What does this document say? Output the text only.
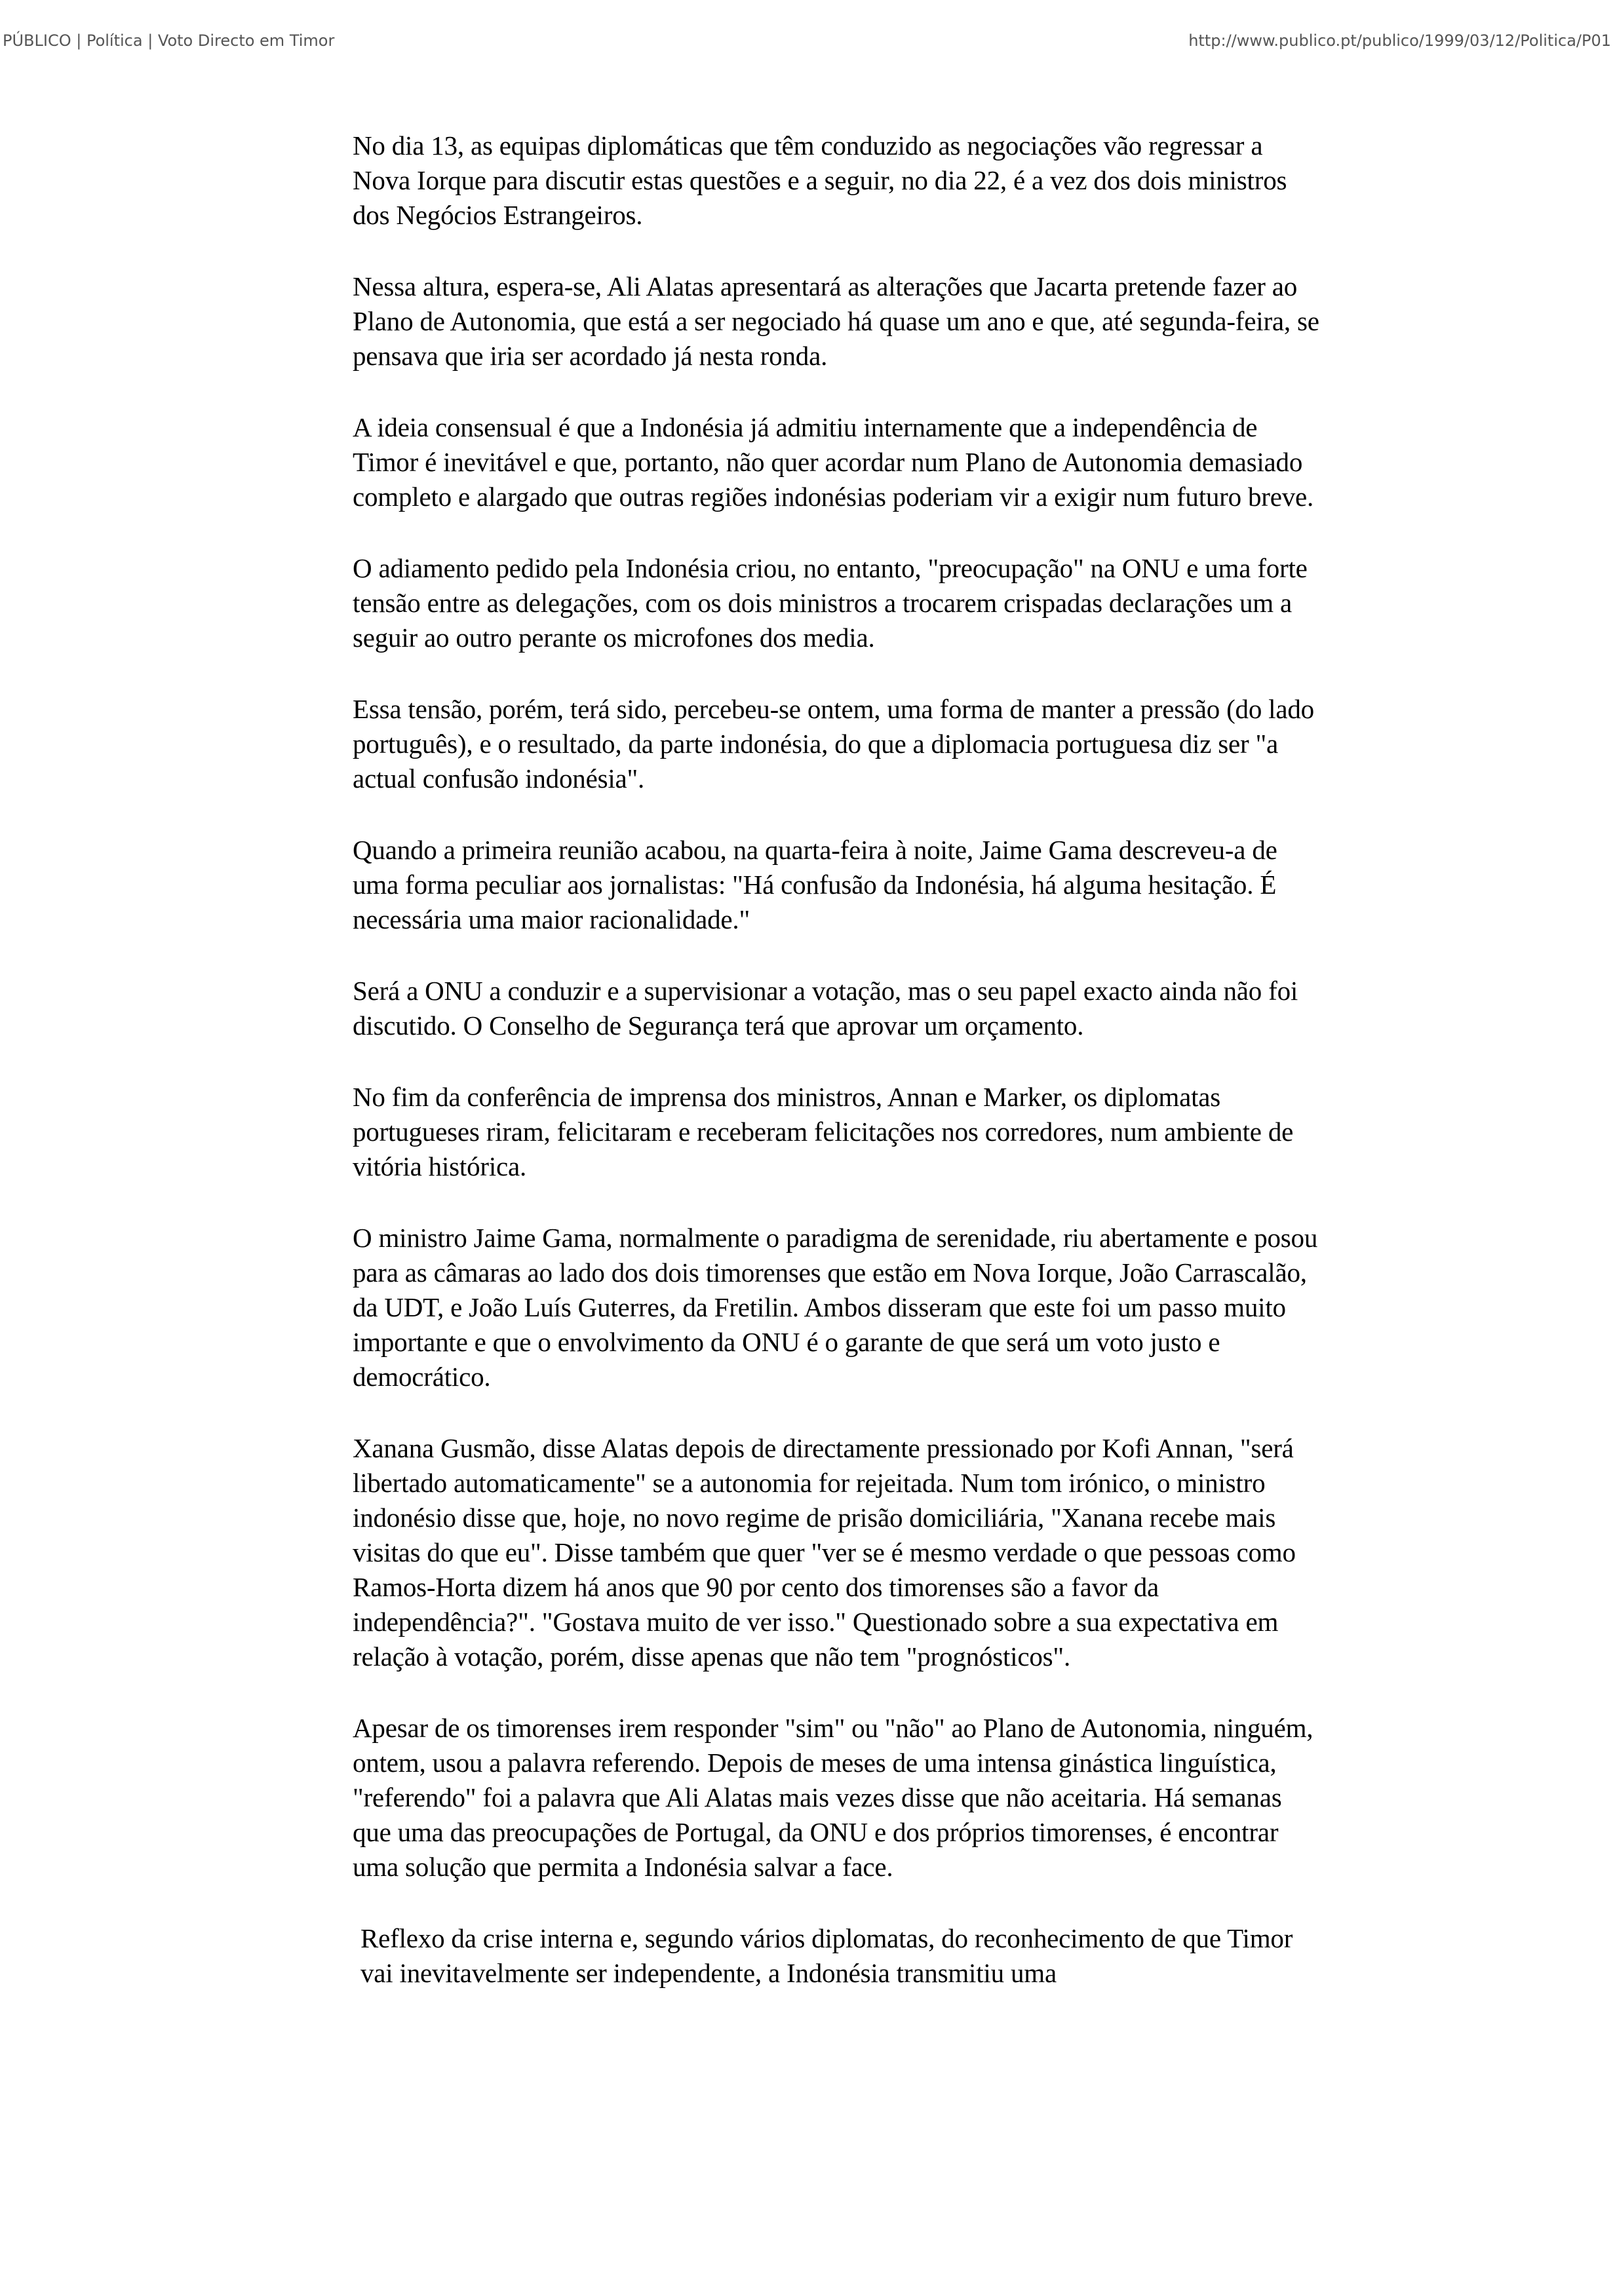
PÚBLICO | Política | Voto Directo em Timor	http://www.publico.pt/publico/1999/03/12/Politica/P01

No dia 13, as equipas diplomáticas que têm conduzido as negociações vão regressar a Nova Iorque para discutir estas questões e a seguir, no dia 22, é a vez dos dois ministros dos Negócios Estrangeiros.

Nessa altura, espera-se, Ali Alatas apresentará as alterações que Jacarta pretende fazer ao Plano de Autonomia, que está a ser negociado há quase um ano e que, até segunda-feira, se pensava que iria ser acordado já nesta ronda.

A ideia consensual é que a Indonésia já admitiu internamente que a independência de Timor é inevitável e que, portanto, não quer acordar num Plano de Autonomia demasiado completo e alargado que outras regiões indonésias poderiam vir a exigir num futuro breve.

O adiamento pedido pela Indonésia criou, no entanto, "preocupação" na ONU e uma forte tensão entre as delegações, com os dois ministros a trocarem crispadas declarações um a seguir ao outro perante os microfones dos media.

Essa tensão, porém, terá sido, percebeu-se ontem, uma forma de manter a pressão (do lado português), e o resultado, da parte indonésia, do que a diplomacia portuguesa diz ser "a actual confusão indonésia".

Quando a primeira reunião acabou, na quarta-feira à noite, Jaime Gama descreveu-a de uma forma peculiar aos jornalistas: "Há confusão da Indonésia, há alguma hesitação. É necessária uma maior racionalidade."

Será a ONU a conduzir e a supervisionar a votação, mas o seu papel exacto ainda não foi discutido. O Conselho de Segurança terá que aprovar um orçamento.

No fim da conferência de imprensa dos ministros, Annan e Marker, os diplomatas portugueses riram, felicitaram e receberam felicitações nos corredores, num ambiente de vitória histórica.

O ministro Jaime Gama, normalmente o paradigma de serenidade, riu abertamente e posou para as câmaras ao lado dos dois timorenses que estão em Nova Iorque, João Carrascalão, da UDT, e João Luís Guterres, da Fretilin. Ambos disseram que este foi um passo muito importante e que o envolvimento da ONU é o garante de que será um voto justo e democrático.

Xanana Gusmão, disse Alatas depois de directamente pressionado por Kofi Annan, "será libertado automaticamente" se a autonomia for rejeitada. Num tom irónico, o ministro indonésio disse que, hoje, no novo regime de prisão domiciliária, "Xanana recebe mais visitas do que eu". Disse também que quer "ver se é mesmo verdade o que pessoas como Ramos-Horta dizem há anos que 90 por cento dos timorenses são a favor da independência?". "Gostava muito de ver isso." Questionado sobre a sua expectativa em relação à votação, porém, disse apenas que não tem "prognósticos".

Apesar de os timorenses irem responder "sim" ou "não" ao Plano de Autonomia, ninguém, ontem, usou a palavra referendo. Depois de meses de uma intensa ginástica linguística, "referendo" foi a palavra que Ali Alatas mais vezes disse que não aceitaria. Há semanas que uma das preocupações de Portugal, da ONU e dos próprios timorenses, é encontrar uma solução que permita a Indonésia salvar a face.

Reflexo da crise interna e, segundo vários diplomatas, do reconhecimento de que Timor vai inevitavelmente ser independente, a Indonésia transmitiu uma
